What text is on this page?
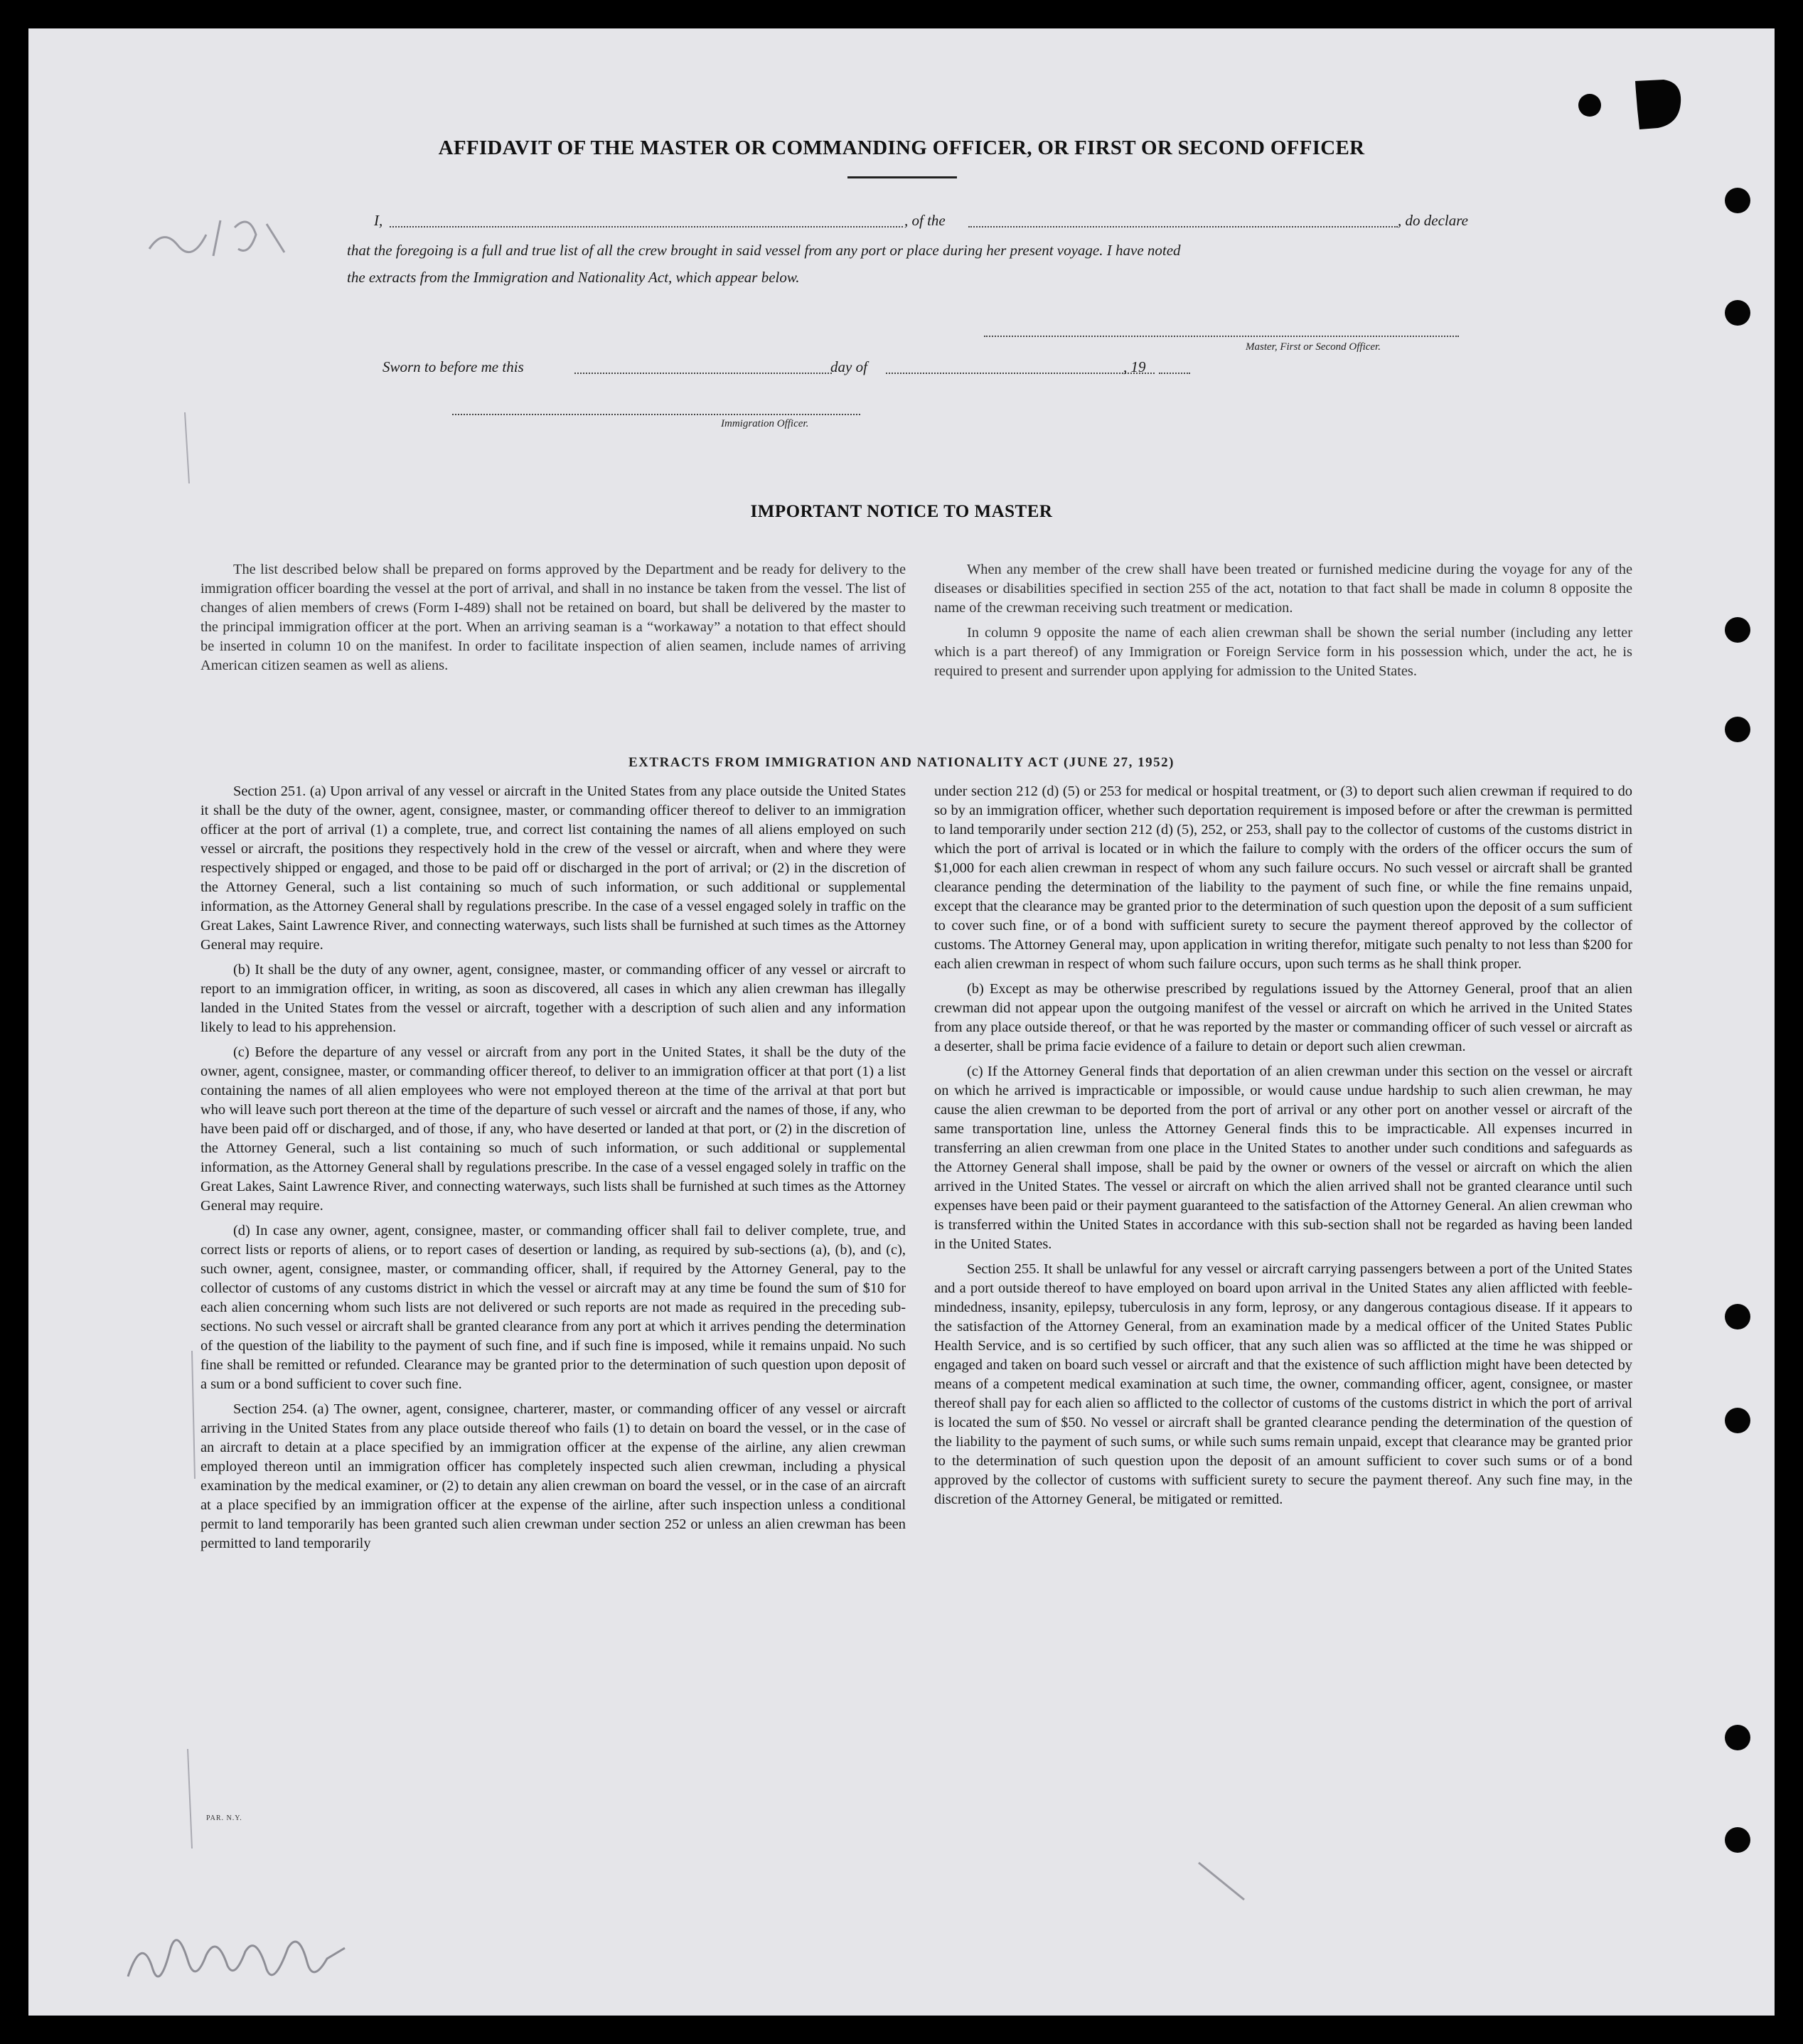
AFFIDAVIT OF THE MASTER OR COMMANDING OFFICER, OR FIRST OR SECOND OFFICER
I,	, of the	, do declare
that the foregoing is a full and true list of all the crew brought in said vessel from any port or place during her present voyage. I have noted
the extracts from the Immigration and Nationality Act, which appear below.
Master, First or Second Officer.
Sworn to before me this	day of	, 19
Immigration Officer.
IMPORTANT NOTICE TO MASTER

The list described below shall be prepared on forms approved by the Department and be ready for delivery to the immigration officer boarding the vessel at the port of arrival, and shall in no instance be taken from the vessel. The list of changes of alien members of crews (Form I-489) shall not be retained on board, but shall be delivered by the master to the principal immigration officer at the port. When an arriving seaman is a “workaway” a notation to that effect should be inserted in column 10 on the manifest. In order to facilitate inspection of alien seamen, include names of arriving American citizen seamen as well as aliens.

When any member of the crew shall have been treated or furnished medicine during the voyage for any of the diseases or disabilities specified in section 255 of the act, notation to that fact shall be made in column 8 opposite the name of the crewman receiving such treatment or medication.

In column 9 opposite the name of each alien crewman shall be shown the serial number (including any letter which is a part thereof) of any Immigration or Foreign Service form in his possession which, under the act, he is required to present and surrender upon applying for admission to the United States.

EXTRACTS FROM IMMIGRATION AND NATIONALITY ACT (JUNE 27, 1952)

Section 251. (a) Upon arrival of any vessel or aircraft in the United States from any place outside the United States it shall be the duty of the owner, agent, consignee, master, or commanding officer thereof to deliver to an immigration officer at the port of arrival (1) a complete, true, and correct list containing the names of all aliens employed on such vessel or aircraft, the positions they respectively hold in the crew of the vessel or aircraft, when and where they were respectively shipped or engaged, and those to be paid off or discharged in the port of arrival; or (2) in the discretion of the Attorney General, such a list containing so much of such information, or such additional or supplemental information, as the Attorney General shall by regulations prescribe. In the case of a vessel engaged solely in traffic on the Great Lakes, Saint Lawrence River, and connecting waterways, such lists shall be furnished at such times as the Attorney General may require.

(b) It shall be the duty of any owner, agent, consignee, master, or commanding officer of any vessel or aircraft to report to an immigration officer, in writing, as soon as discovered, all cases in which any alien crewman has illegally landed in the United States from the vessel or aircraft, together with a description of such alien and any information likely to lead to his apprehension.

(c) Before the departure of any vessel or aircraft from any port in the United States, it shall be the duty of the owner, agent, consignee, master, or commanding officer thereof, to deliver to an immigration officer at that port (1) a list containing the names of all alien employees who were not employed thereon at the time of the arrival at that port but who will leave such port thereon at the time of the departure of such vessel or aircraft and the names of those, if any, who have been paid off or discharged, and of those, if any, who have deserted or landed at that port, or (2) in the discretion of the Attorney General, such a list containing so much of such information, or such additional or supplemental information, as the Attorney General shall by regulations prescribe. In the case of a vessel engaged solely in traffic on the Great Lakes, Saint Lawrence River, and connecting waterways, such lists shall be furnished at such times as the Attorney General may require.

(d) In case any owner, agent, consignee, master, or commanding officer shall fail to deliver complete, true, and correct lists or reports of aliens, or to report cases of desertion or landing, as required by sub-sections (a), (b), and (c), such owner, agent, consignee, master, or commanding officer, shall, if required by the Attorney General, pay to the collector of customs of any customs district in which the vessel or aircraft may at any time be found the sum of $10 for each alien concerning whom such lists are not delivered or such reports are not made as required in the preceding sub-sections. No such vessel or aircraft shall be granted clearance from any port at which it arrives pending the determination of the question of the liability to the payment of such fine, and if such fine is imposed, while it remains unpaid. No such fine shall be remitted or refunded. Clearance may be granted prior to the determination of such question upon deposit of a sum or a bond sufficient to cover such fine.

Section 254. (a) The owner, agent, consignee, charterer, master, or commanding officer of any vessel or aircraft arriving in the United States from any place outside thereof who fails (1) to detain on board the vessel, or in the case of an aircraft to detain at a place specified by an immigration officer at the expense of the airline, any alien crewman employed thereon until an immigration officer has completely inspected such alien crewman, including a physical examination by the medical examiner, or (2) to detain any alien crewman on board the vessel, or in the case of an aircraft at a place specified by an immigration officer at the expense of the airline, after such inspection unless a conditional permit to land temporarily has been granted such alien crewman under section 252 or unless an alien crewman has been permitted to land temporarily

under section 212 (d) (5) or 253 for medical or hospital treatment, or (3) to deport such alien crewman if required to do so by an immigration officer, whether such deportation requirement is imposed before or after the crewman is permitted to land temporarily under section 212 (d) (5), 252, or 253, shall pay to the collector of customs of the customs district in which the port of arrival is located or in which the failure to comply with the orders of the officer occurs the sum of $1,000 for each alien crewman in respect of whom any such failure occurs. No such vessel or aircraft shall be granted clearance pending the determination of the liability to the payment of such fine, or while the fine remains unpaid, except that the clearance may be granted prior to the determination of such question upon the deposit of a sum sufficient to cover such fine, or of a bond with sufficient surety to secure the payment thereof approved by the collector of customs. The Attorney General may, upon application in writing therefor, mitigate such penalty to not less than $200 for each alien crewman in respect of whom such failure occurs, upon such terms as he shall think proper.

(b) Except as may be otherwise prescribed by regulations issued by the Attorney General, proof that an alien crewman did not appear upon the outgoing manifest of the vessel or aircraft on which he arrived in the United States from any place outside thereof, or that he was reported by the master or commanding officer of such vessel or aircraft as a deserter, shall be prima facie evidence of a failure to detain or deport such alien crewman.

(c) If the Attorney General finds that deportation of an alien crewman under this section on the vessel or aircraft on which he arrived is impracticable or impossible, or would cause undue hardship to such alien crewman, he may cause the alien crewman to be deported from the port of arrival or any other port on another vessel or aircraft of the same transportation line, unless the Attorney General finds this to be impracticable. All expenses incurred in transferring an alien crewman from one place in the United States to another under such conditions and safeguards as the Attorney General shall impose, shall be paid by the owner or owners of the vessel or aircraft on which the alien arrived in the United States. The vessel or aircraft on which the alien arrived shall not be granted clearance until such expenses have been paid or their payment guaranteed to the satisfaction of the Attorney General. An alien crewman who is transferred within the United States in accordance with this sub-section shall not be regarded as having been landed in the United States.

Section 255. It shall be unlawful for any vessel or aircraft carrying passengers between a port of the United States and a port outside thereof to have employed on board upon arrival in the United States any alien afflicted with feeble-mindedness, insanity, epilepsy, tuberculosis in any form, leprosy, or any dangerous contagious disease. If it appears to the satisfaction of the Attorney General, from an examination made by a medical officer of the United States Public Health Service, and is so certified by such officer, that any such alien was so afflicted at the time he was shipped or engaged and taken on board such vessel or aircraft and that the existence of such affliction might have been detected by means of a competent medical examination at such time, the owner, commanding officer, agent, consignee, or master thereof shall pay for each alien so afflicted to the collector of customs of the customs district in which the port of arrival is located the sum of $50. No vessel or aircraft shall be granted clearance pending the determination of the question of the liability to the payment of such sums, or while such sums remain unpaid, except that clearance may be granted prior to the determination of such question upon the deposit of an amount sufficient to cover such sums or of a bond approved by the collector of customs with sufficient surety to secure the payment thereof. Any such fine may, in the discretion of the Attorney General, be mitigated or remitted.

PAR. N.Y.
